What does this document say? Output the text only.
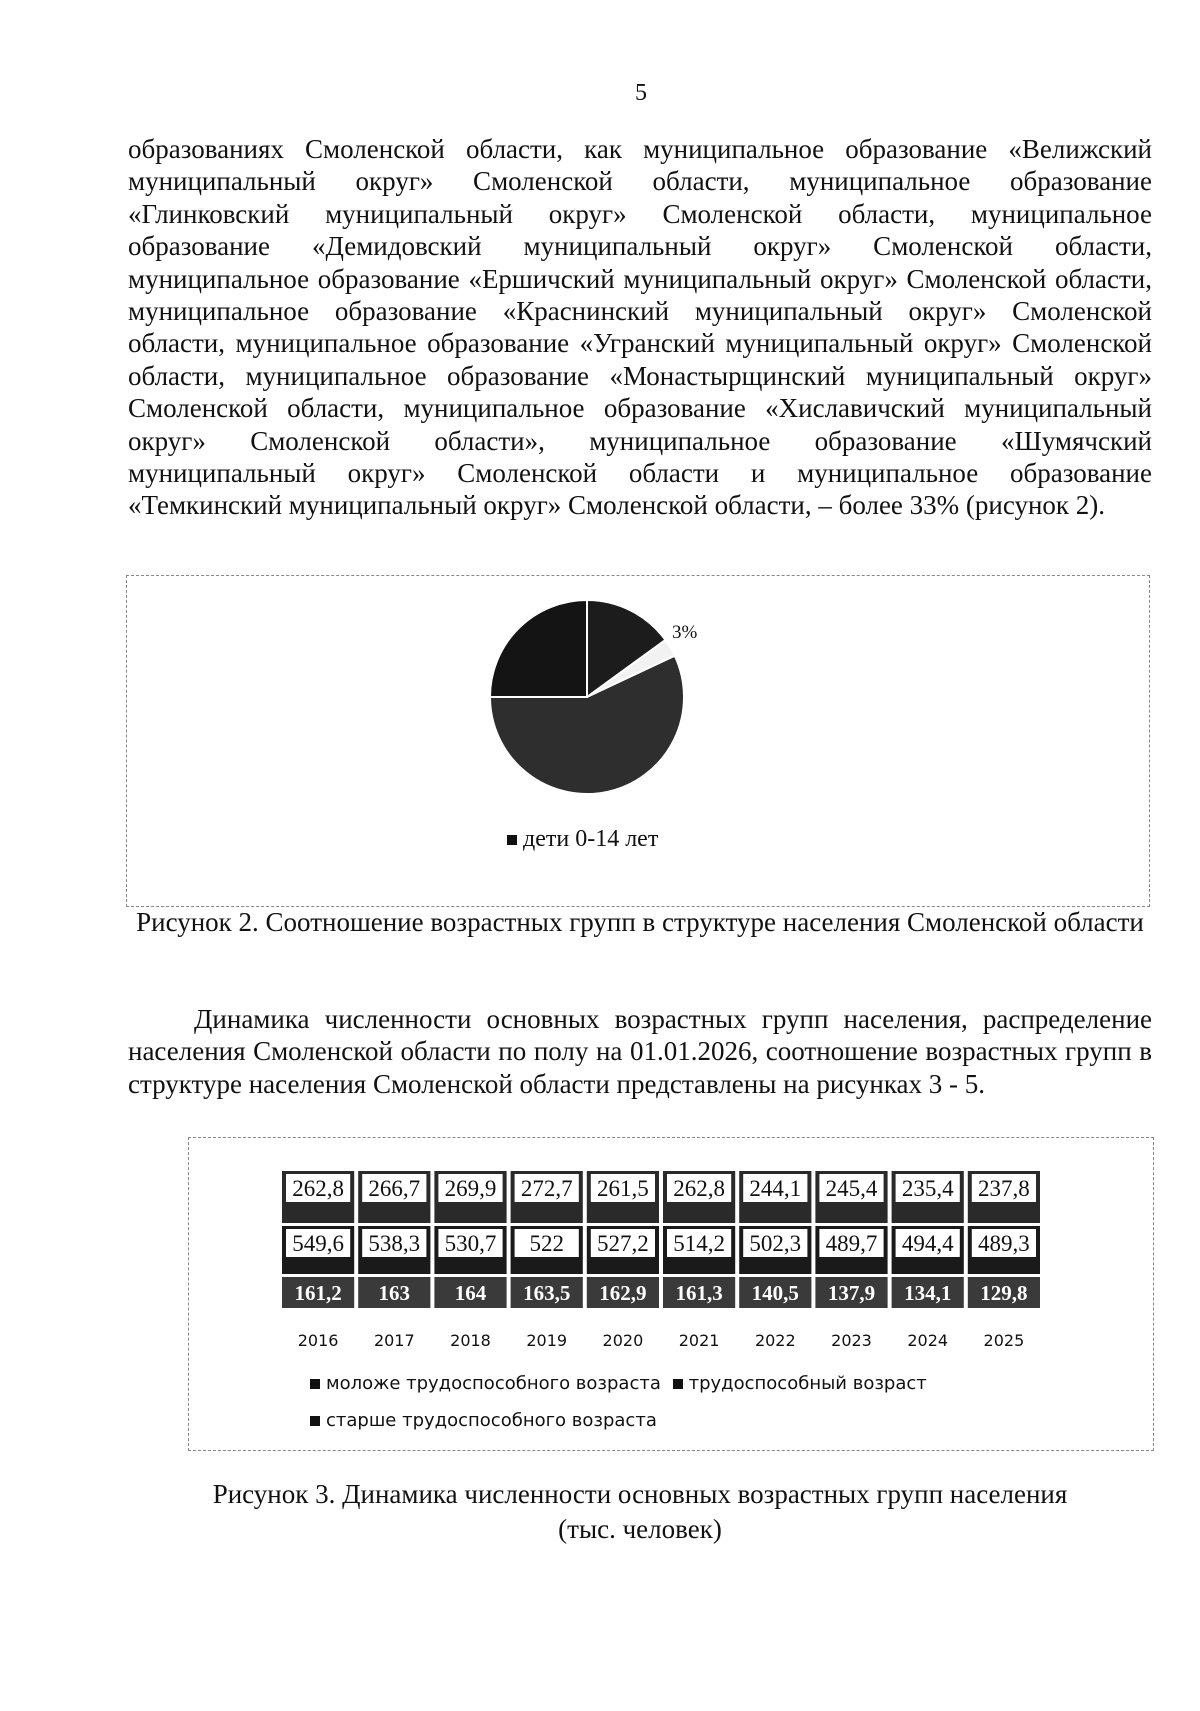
5

образованиях Смоленской области, как муниципальное образование «Велижский муниципальный округ» Смоленской области, муниципальное образование «Глинковский муниципальный округ» Смоленской области, муниципальное образование «Демидовский муниципальный округ» Смоленской области, муниципальное образование «Ершичский муниципальный округ» Смоленской области, муниципальное образование «Краснинский муниципальный округ» Смоленской области, муниципальное образование «Угранский муниципальный округ» Смоленской области, муниципальное образование «Монастырщинский муниципальный округ» Смоленской области, муниципальное образование «Хиславичский муниципальный округ» Смоленской области», муниципальное образование «Шумячский муниципальный округ» Смоленской области и муниципальное образование «Темкинский муниципальный округ» Смоленской области, – более 33% (рисунок 2).

3%
дети 0-14 лет

Рисунок 2. Соотношение возрастных групп в структуре населения Смоленской области

Динамика численности основных возрастных групп населения, распределение населения Смоленской области по полу на 01.01.2026, соотношение возрастных групп в структуре населения Смоленской области представлены на рисунках 3 - 5.

262,8 266,7 269,9 272,7 261,5 262,8 244,1 245,4 235,4 237,8
549,6 538,3 530,7 522 527,2 514,2 502,3 489,7 494,4 489,3
161,2 163 164 163,5 162,9 161,3 140,5 137,9 134,1 129,8
2016 2017 2018 2019 2020 2021 2022 2023 2024 2025
моложе трудоспособного возраста трудоспособный возраст
старше трудоспособного возраста

Рисунок 3. Динамика численности основных возрастных групп населения

(тыс. человек)
